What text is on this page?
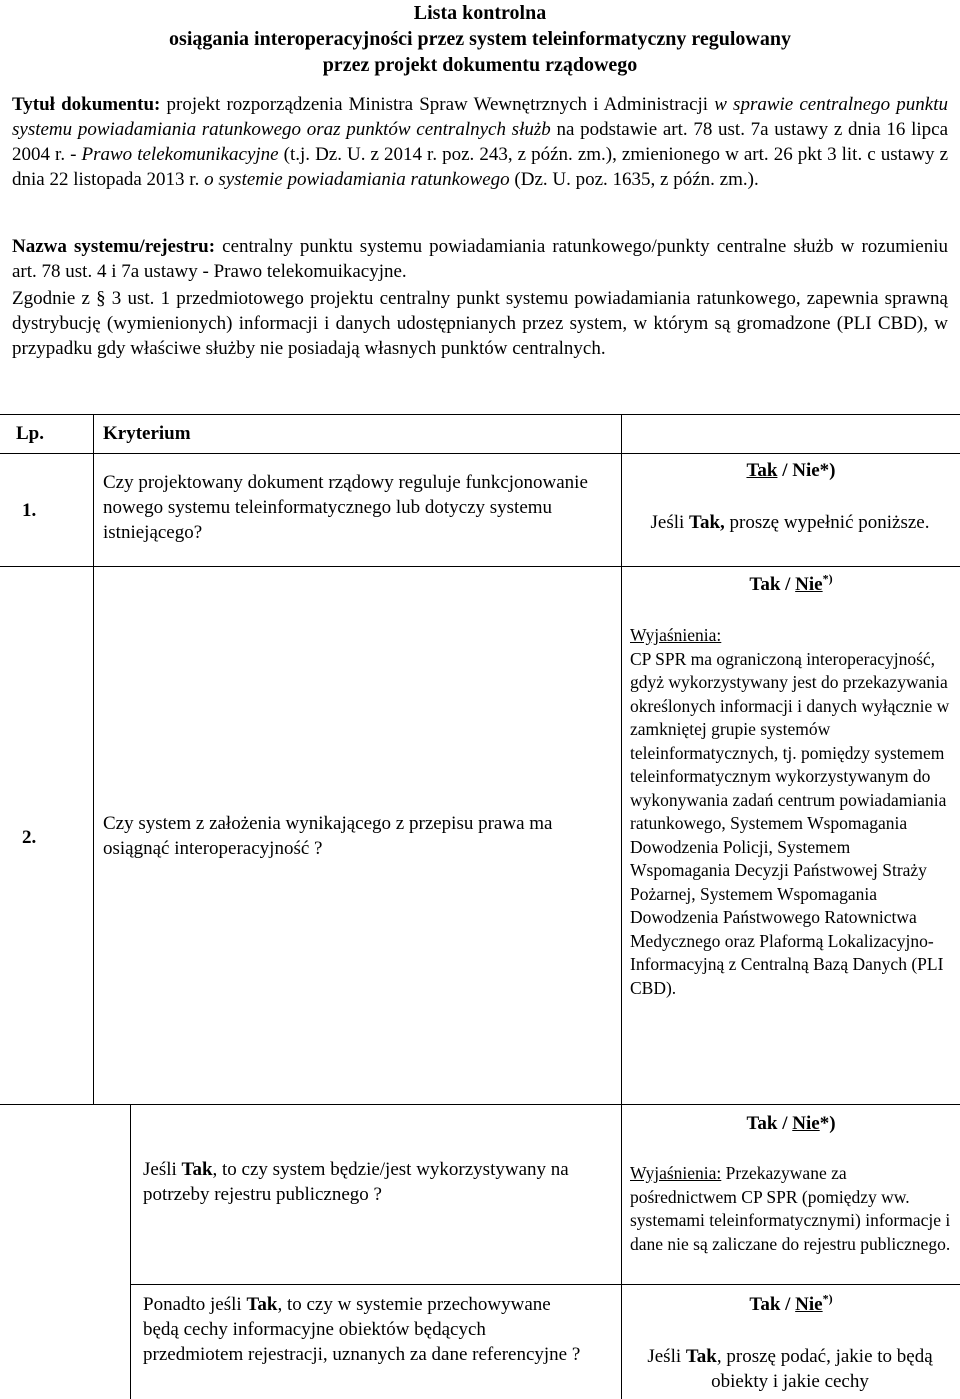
Lista kontrolna
osiągania interoperacyjności przez system teleinformatyczny regulowany
przez projekt dokumentu rządowego
Tytuł dokumentu: projekt rozporządzenia Ministra Spraw Wewnętrznych i Administracji w sprawie centralnego punktu systemu powiadamiania ratunkowego oraz punktów centralnych służb na podstawie art. 78 ust. 7a ustawy z dnia 16 lipca 2004 r. - Prawo telekomunikacyjne (t.j. Dz. U. z 2014 r. poz. 243, z późn. zm.), zmienionego w art. 26 pkt 3 lit. c ustawy z dnia 22 listopada 2013 r. o systemie powiadamiania ratunkowego (Dz. U. poz. 1635, z późn. zm.).
Nazwa systemu/rejestru: centralny punktu systemu powiadamiania ratunkowego/punkty centralne służb w rozumieniu art. 78 ust. 4 i 7a ustawy - Prawo telekomuikacyjne.
Zgodnie z § 3 ust. 1 przedmiotowego projektu centralny punkt systemu powiadamiania ratunkowego, zapewnia sprawną dystrybucję (wymienionych) informacji i danych udostępnianych przez system, w którym są gromadzone (PLI CBD), w przypadku gdy właściwe służby nie posiadają własnych punktów centralnych.
Lp.	Kryterium
1.
Czy projektowany dokument rządowy reguluje funkcjonowanie nowego systemu teleinformatycznego lub dotyczy systemu istniejącego?
Tak / Nie*)
Jeśli Tak, proszę wypełnić poniższe.
2.
Czy system z założenia wynikającego z przepisu prawa ma osiągnąć interoperacyjność ?
Tak / Nie*)
Wyjaśnienia:
CP SPR ma ograniczoną interoperacyjność, gdyż wykorzystywany jest do przekazywania określonych informacji i danych wyłącznie w zamkniętej grupie systemów teleinformatycznych, tj. pomiędzy systemem teleinformatycznym wykorzystywanym do wykonywania zadań centrum powiadamiania ratunkowego, Systemem Wspomagania Dowodzenia Policji, Systemem Wspomagania Decyzji Państwowej Straży Pożarnej, Systemem Wspomagania Dowodzenia Państwowego Ratownictwa Medycznego oraz Plaformą Lokalizacyjno-Informacyjną z Centralną Bazą Danych (PLI CBD).
Jeśli Tak, to czy system będzie/jest wykorzystywany na potrzeby rejestru publicznego ?
Tak / Nie*)
Wyjaśnienia: Przekazywane za pośrednictwem CP SPR (pomiędzy ww. systemami teleinformatycznymi) informacje i dane nie są zaliczane do rejestru publicznego.
Ponadto jeśli Tak, to czy w systemie przechowywane będą cechy informacyjne obiektów będących przedmiotem rejestracji, uznanych za dane referencyjne ?
Tak / Nie*)
Jeśli Tak, proszę podać, jakie to będą obiekty i jakie cechy
